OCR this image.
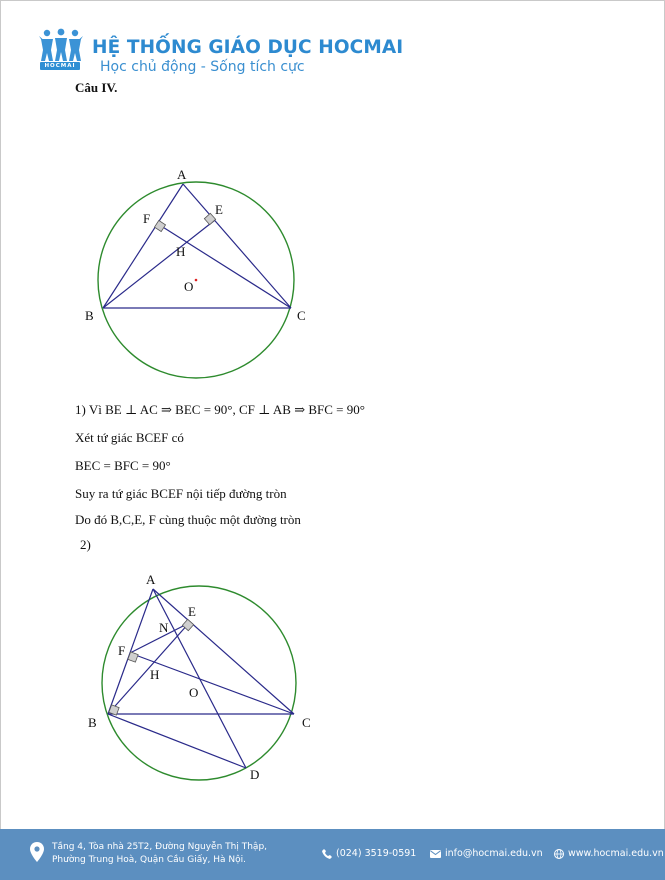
HOCMAI
HỆ THỐNG GIÁO DỤC HOCMAI
Học chủ động - Sống tích cực
Câu IV.
A
B	C
E
F
H
O
1) Vì BE ⊥ AC ⇒ BEC = 90°, CF ⊥ AB ⇒ BFC = 90°
Xét tứ giác BCEF có
BEC = BFC = 90°
Suy ra tứ giác BCEF nội tiếp đường tròn
Do đó B,C,E, F cùng thuộc một đường tròn
2)
A
B	C
D
E
F
H
N
O
Tầng 4, Tòa nhà 25T2, Đường Nguyễn Thị Thập,
Phường Trung Hoà, Quận Cầu Giấy, Hà Nội.
(024) 3519-0591	info@hocmai.edu.vn	www.hocmai.edu.vn
